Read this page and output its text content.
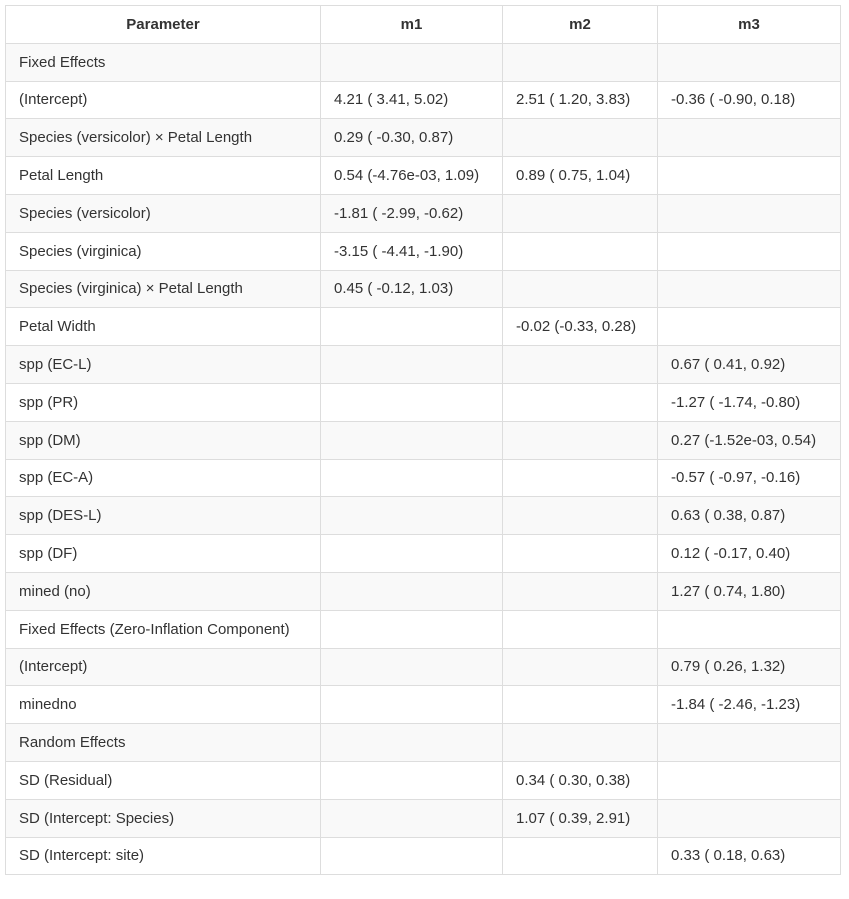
Parameter	m1	m2	m3
Fixed Effects			
(Intercept)	4.21 ( 3.41, 5.02)	2.51 ( 1.20, 3.83)	-0.36 ( -0.90, 0.18)
Species (versicolor) × Petal Length	0.29 ( -0.30, 0.87)		
Petal Length	0.54 (-4.76e-03, 1.09)	0.89 ( 0.75, 1.04)	
Species (versicolor)	-1.81 ( -2.99, -0.62)		
Species (virginica)	-3.15 ( -4.41, -1.90)		
Species (virginica) × Petal Length	0.45 ( -0.12, 1.03)		
Petal Width		-0.02 (-0.33, 0.28)	
spp (EC-L)			0.67 ( 0.41, 0.92)
spp (PR)			-1.27 ( -1.74, -0.80)
spp (DM)			0.27 (-1.52e-03, 0.54)
spp (EC-A)			-0.57 ( -0.97, -0.16)
spp (DES-L)			0.63 ( 0.38, 0.87)
spp (DF)			0.12 ( -0.17, 0.40)
mined (no)			1.27 ( 0.74, 1.80)
Fixed Effects (Zero-Inflation Component)			
(Intercept)			0.79 ( 0.26, 1.32)
minedno			-1.84 ( -2.46, -1.23)
Random Effects			
SD (Residual)		0.34 ( 0.30, 0.38)	
SD (Intercept: Species)		1.07 ( 0.39, 2.91)	
SD (Intercept: site)			0.33 ( 0.18, 0.63)
